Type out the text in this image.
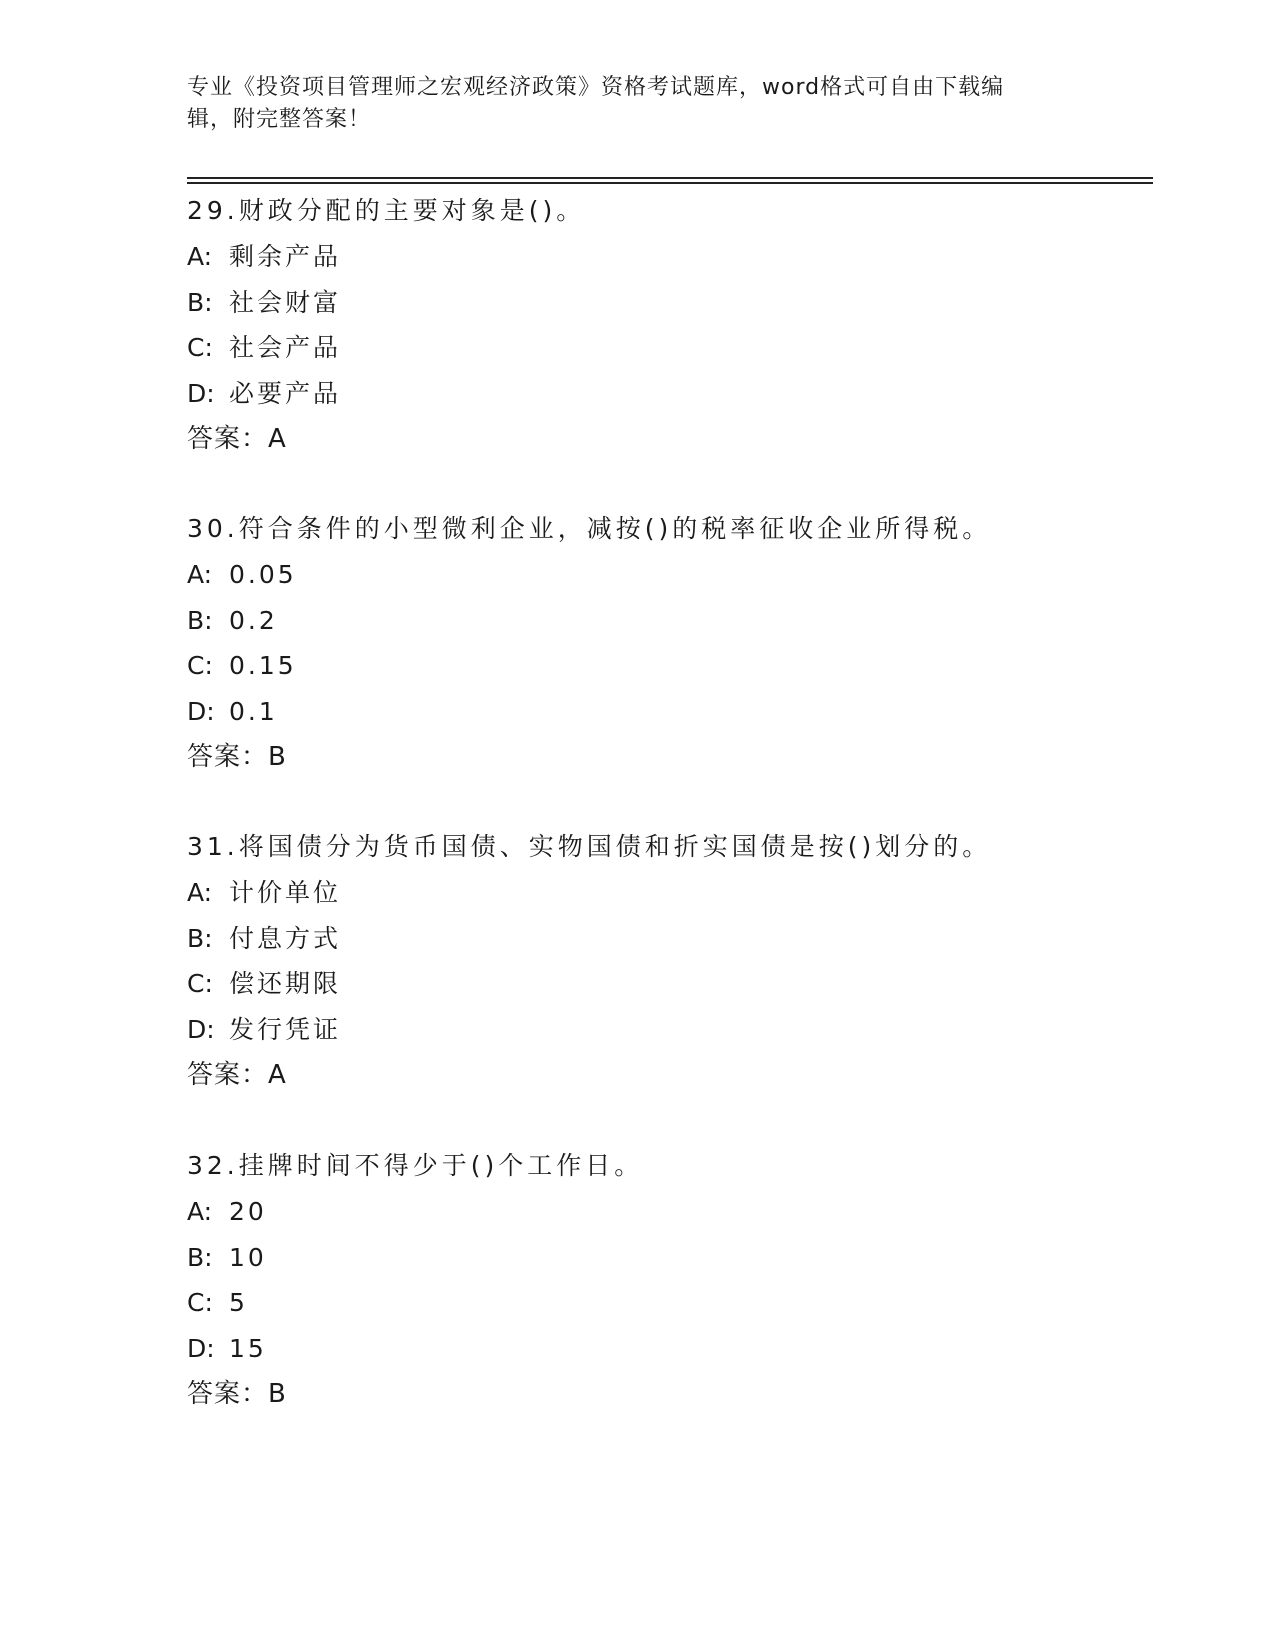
专业《投资项目管理师之宏观经济政策》资格考试题库，word格式可自由下载编
辑，附完整答案！
29.财政分配的主要对象是()。
A: 剩余产品
B: 社会财富
C: 社会产品
D: 必要产品
答案：A
30.符合条件的小型微利企业，减按()的税率征收企业所得税。
A: 0.05
B: 0.2
C: 0.15
D: 0.1
答案：B
31.将国债分为货币国债、实物国债和折实国债是按()划分的。
A: 计价单位
B: 付息方式
C: 偿还期限
D: 发行凭证
答案：A
32.挂牌时间不得少于()个工作日。
A: 20
B: 10
C: 5
D: 15
答案：B
